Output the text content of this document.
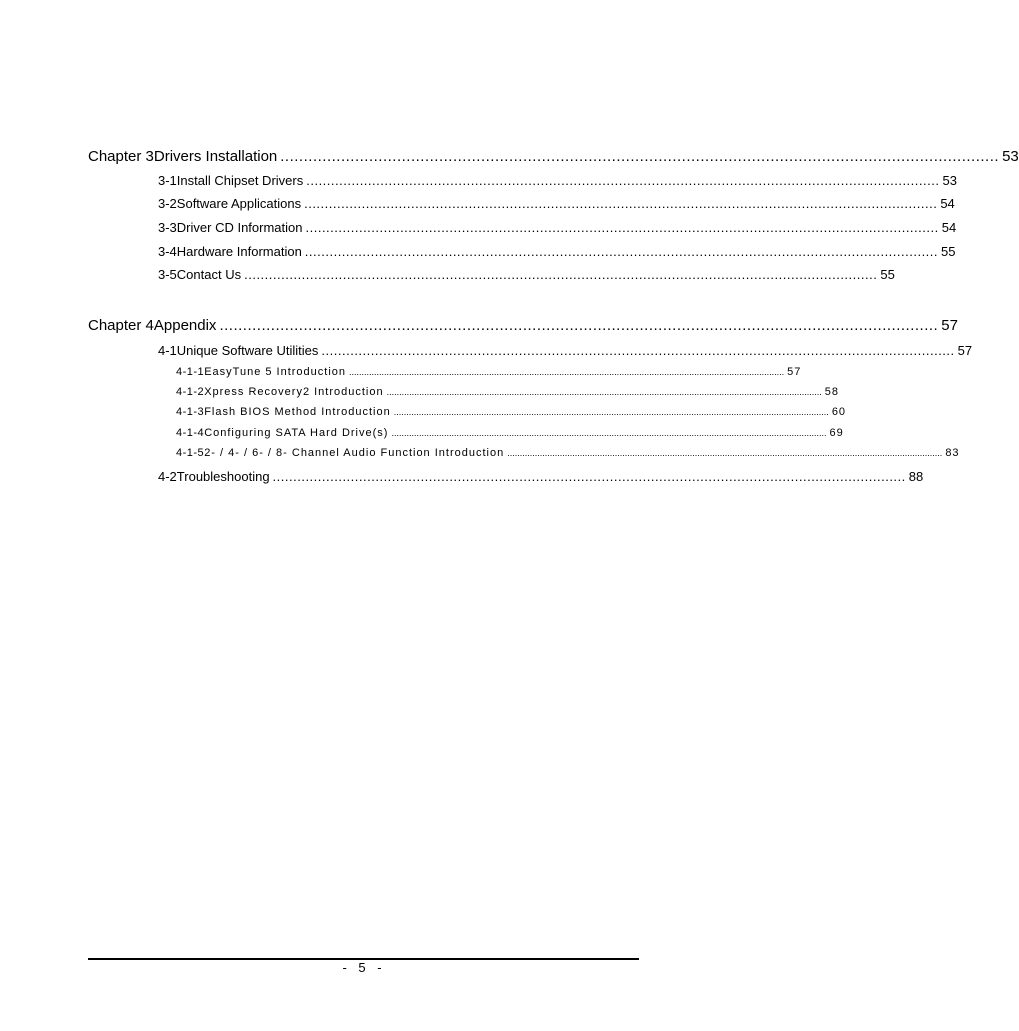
Chapter 3 Drivers Installation .......................................................................................................................................................... 53
3-1 Install Chipset Drivers .......................................................................................................................................................... 53
3-2 Software Applications .......................................................................................................................................................... 54
3-3 Driver CD Information .......................................................................................................................................................... 54
3-4 Hardware Information .......................................................................................................................................................... 55
3-5 Contact Us .......................................................................................................................................................... 55
Chapter 4 Appendix .......................................................................................................................................................... 57
4-1 Unique Software Utilities .......................................................................................................................................................... 57
4-1-1 EasyTune 5 Introduction .............................................................................................................................................................................. 57
4-1-2 Xpress Recovery2 Introduction .............................................................................................................................................................................. 58
4-1-3 Flash BIOS Method Introduction .............................................................................................................................................................................. 60
4-1-4 Configuring SATA Hard Drive(s) .............................................................................................................................................................................. 69
4-1-5 2- / 4- / 6- / 8- Channel Audio Function Introduction .............................................................................................................................................................................. 83
4-2 Troubleshooting .......................................................................................................................................................... 88
- 5 -
